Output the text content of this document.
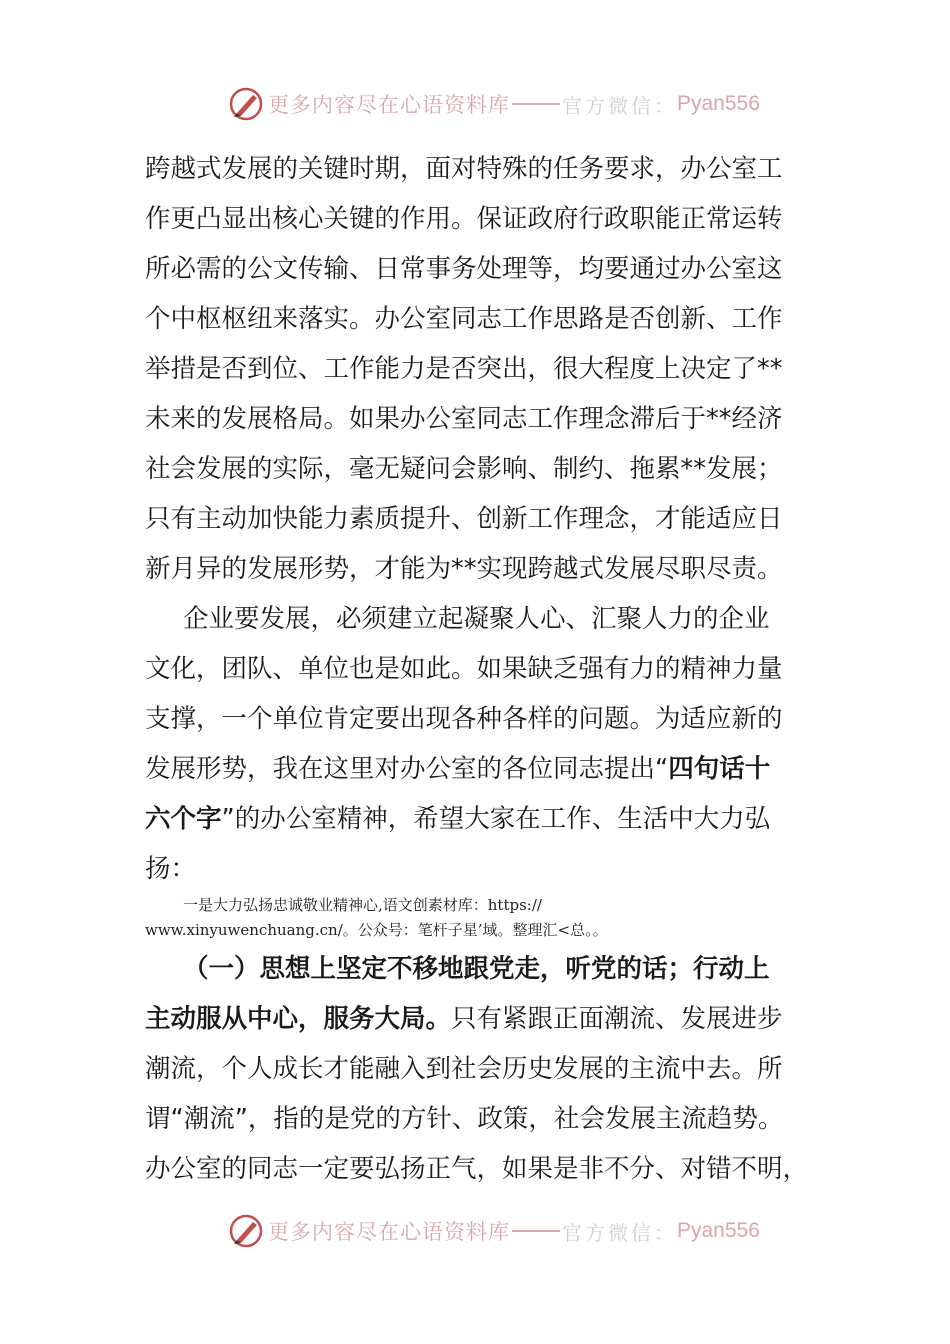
更多内容尽在心语资料库	官方微信： Pyan556
跨越式发展的关键时期，面对特殊的任务要求，办公室工
作更凸显出核心关键的作用。保证政府行政职能正常运转
所必需的公文传输、日常事务处理等，均要通过办公室这
个中枢枢纽来落实。办公室同志工作思路是否创新、工作
举措是否到位、工作能力是否突出，很大程度上决定了**
未来的发展格局。如果办公室同志工作理念滞后于**经济
社会发展的实际，毫无疑问会影响、制约、拖累**发展；
只有主动加快能力素质提升、创新工作理念，才能适应日
新月异的发展形势，才能为**实现跨越式发展尽职尽责。
企业要发展，必须建立起凝聚人心、汇聚人力的企业
文化，团队、单位也是如此。如果缺乏强有力的精神力量
支撑，一个单位肯定要出现各种各样的问题。为适应新的
发展形势，我在这里对办公室的各位同志提出“四句话十
六个字”的办公室精神，希望大家在工作、生活中大力弘
扬：
一是大力弘扬忠诚敬业精神心,语文创素材库：https://
www.xinyuwenchuang.cn/。公众号：笔杆子星’域。整理汇<总。。
（一）思想上坚定不移地跟党走，听党的话；行动上
主动服从中心，服务大局。只有紧跟正面潮流、发展进步
潮流，个人成长才能融入到社会历史发展的主流中去。所
谓“潮流”，指的是党的方针、政策，社会发展主流趋势。
办公室的同志一定要弘扬正气，如果是非不分、对错不明，
更多内容尽在心语资料库	官方微信： Pyan556
